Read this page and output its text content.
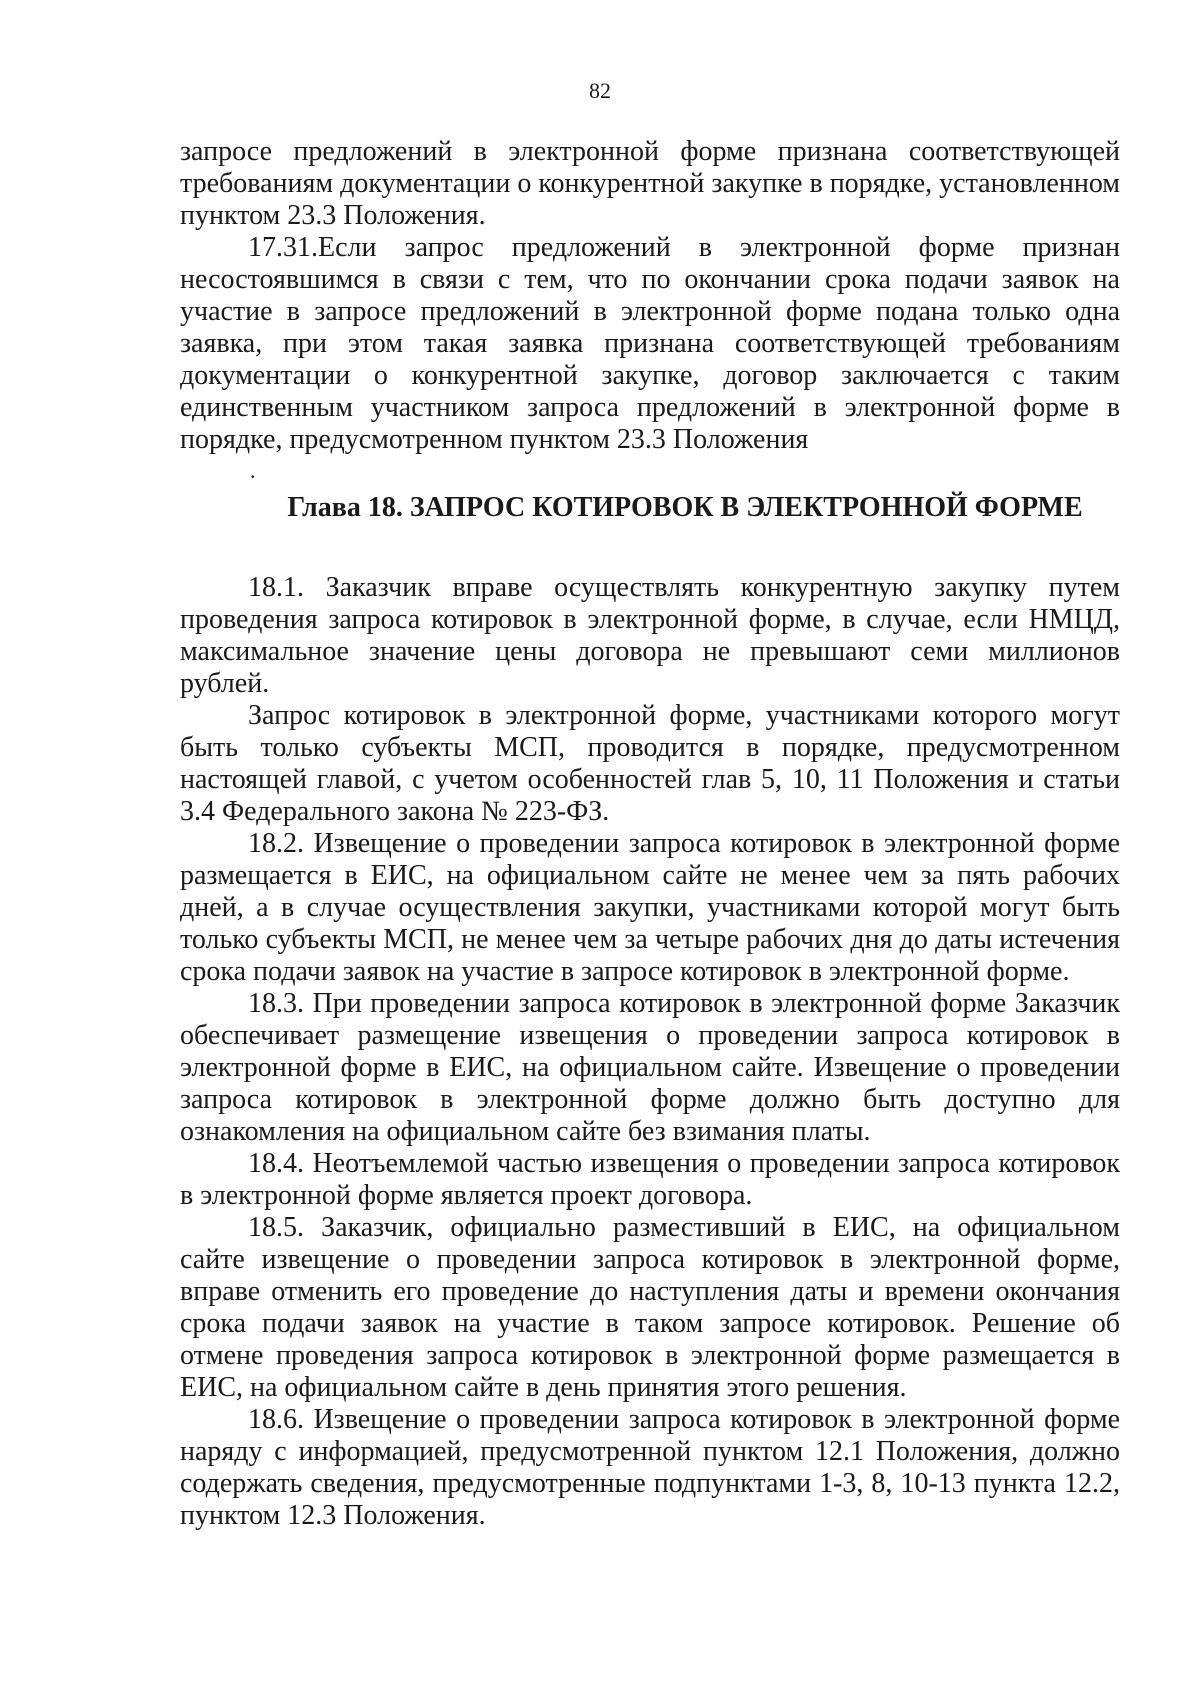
82

запросе предложений в электронной форме признана соответствующей требованиям документации о конкурентной закупке в порядке, установленном пунктом 23.3 Положения.

17.31.Если запрос предложений в электронной форме признан несостоявшимся в связи с тем, что по окончании срока подачи заявок на участие в запросе предложений в электронной форме подана только одна заявка, при этом такая заявка признана соответствующей требованиям документации о конкурентной закупке, договор заключается с таким единственным участником запроса предложений в электронной форме в порядке, предусмотренном пунктом 23.3 Положения

.
Глава 18. ЗАПРОС КОТИРОВОК В ЭЛЕКТРОННОЙ ФОРМЕ

18.1. Заказчик вправе осуществлять конкурентную закупку путем проведения запроса котировок в электронной форме, в случае, если НМЦД, максимальное значение цены договора не превышают семи миллионов рублей.

Запрос котировок в электронной форме, участниками которого могут быть только субъекты МСП, проводится в порядке, предусмотренном настоящей главой, с учетом особенностей глав 5, 10, 11 Положения и статьи 3.4 Федерального закона № 223-ФЗ.

18.2. Извещение о проведении запроса котировок в электронной форме размещается в ЕИС, на официальном сайте не менее чем за пять рабочих дней, а в случае осуществления закупки, участниками которой могут быть только субъекты МСП, не менее чем за четыре рабочих дня до даты истечения срока подачи заявок на участие в запросе котировок в электронной форме.

18.3. При проведении запроса котировок в электронной форме Заказчик обеспечивает размещение извещения о проведении запроса котировок в электронной форме в ЕИС, на официальном сайте. Извещение о проведении запроса котировок в электронной форме должно быть доступно для ознакомления на официальном сайте без взимания платы.

18.4. Неотъемлемой частью извещения о проведении запроса котировок в электронной форме является проект договора.

18.5. Заказчик, официально разместивший в ЕИС, на официальном сайте извещение о проведении запроса котировок в электронной форме, вправе отменить его проведение до наступления даты и времени окончания срока подачи заявок на участие в таком запросе котировок. Решение об отмене проведения запроса котировок в электронной форме размещается в ЕИС, на официальном сайте в день принятия этого решения.

18.6. Извещение о проведении запроса котировок в электронной форме наряду с информацией, предусмотренной пунктом 12.1 Положения, должно содержать сведения, предусмотренные подпунктами 1-3, 8, 10-13 пункта 12.2, пунктом 12.3 Положения.
